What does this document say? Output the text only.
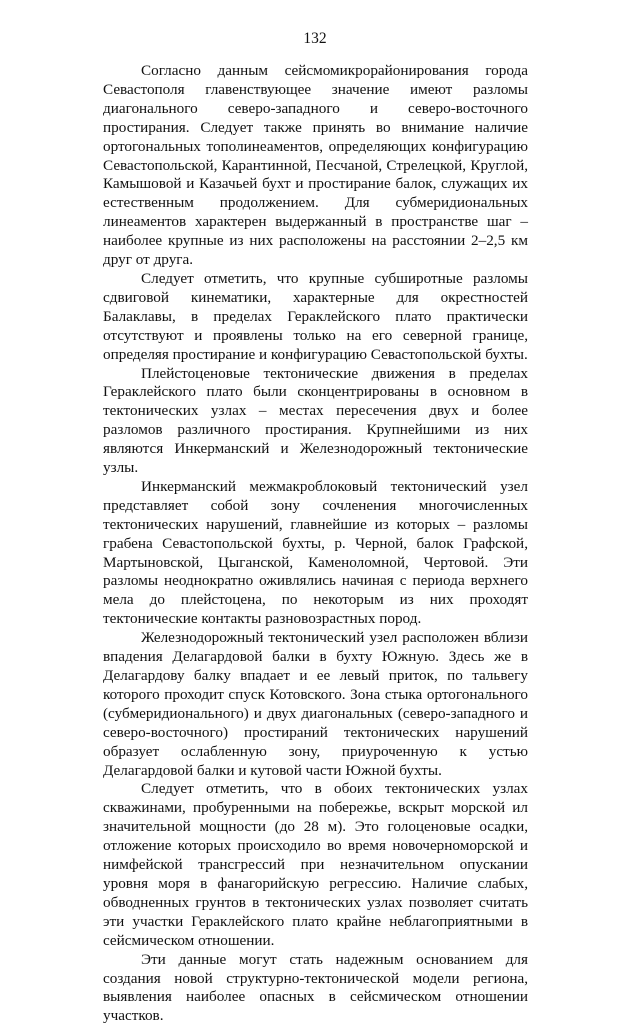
132

Согласно данным сейсмомикрорайонирования города Севастополя главенствующее значение имеют разломы диагонального северо-западного и северо-восточного простирания. Следует также принять во внимание наличие ортогональных тополинеаментов, определяющих конфигурацию Севастопольской, Карантинной, Песчаной, Стрелецкой, Круглой, Камышовой и Казачьей бухт и простирание балок, служащих их естественным продолжением. Для субмеридиональных линеаментов характерен выдержанный в пространстве шаг – наиболее крупные из них расположены на расстоянии 2–2,5 км друг от друга.

Следует отметить, что крупные субширотные разломы сдвиговой кинематики, характерные для окрестностей Балаклавы, в пределах Гераклейского плато практически отсутствуют и проявлены только на его северной границе, определяя простирание и конфигурацию Севастопольской бухты.

Плейстоценовые тектонические движения в пределах Гераклейского плато были сконцентрированы в основном в тектонических узлах – местах пересечения двух и более разломов различного простирания. Крупнейшими из них являются Инкерманский и Железнодорожный тектонические узлы.

Инкерманский межмакроблоковый тектонический узел представляет собой зону сочленения многочисленных тектонических нарушений, главнейшие из которых – разломы грабена Севастопольской бухты, р. Черной, балок Графской, Мартыновской, Цыганской, Каменоломной, Чертовой. Эти разломы неоднократно оживлялись начиная с периода верхнего мела до плейстоцена, по некоторым из них проходят тектонические контакты разновозрастных пород.

Железнодорожный тектонический узел расположен вблизи впадения Делагардовой балки в бухту Южную. Здесь же в Делагардову балку впадает и ее левый приток, по тальвегу которого проходит спуск Котовского. Зона стыка ортогонального (субмеридионального) и двух диагональных (северо-западного и северо-восточного) простираний тектонических нарушений образует ослабленную зону, приуроченную к устью Делагардовой балки и кутовой части Южной бухты.

Следует отметить, что в обоих тектонических узлах скважинами, пробуренными на побережье, вскрыт морской ил значительной мощности (до 28 м). Это голоценовые осадки, отложение которых происходило во время новочерноморской и нимфейской трансгрессий при незначительном опускании уровня моря в фанагорийскую регрессию. Наличие слабых, обводненных грунтов в тектонических узлах позволяет считать эти участки Гераклейского плато крайне неблагоприятными в сейсмическом отношении.

Эти данные могут стать надежным основанием для создания новой структурно-тектонической модели региона, выявления наиболее опасных в сейсмическом отношении участков.
